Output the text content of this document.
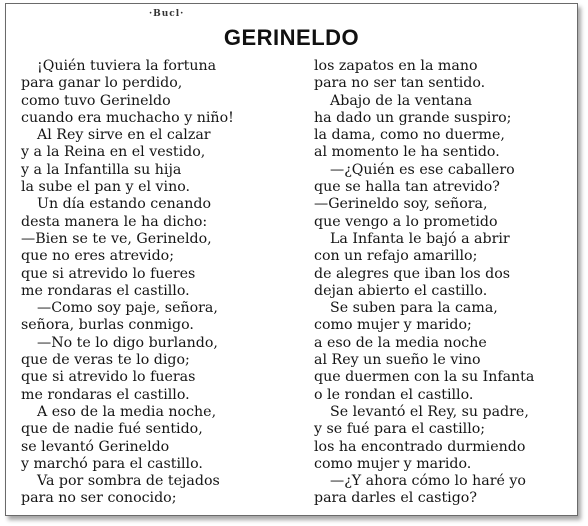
·Bucl·
GERINELDO
¡Quién tuviera la fortuna
para ganar lo perdido,
como tuvo Gerineldo
cuando era muchacho y niño!
Al Rey sirve en el calzar
y a la Reina en el vestido,
y a la Infantilla su hija
la sube el pan y el vino.
Un día estando cenando
desta manera le ha dicho:
—Bien se te ve, Gerineldo,
que no eres atrevido;
que si atrevido lo fueres
me rondaras el castillo.
—Como soy paje, señora,
señora, burlas conmigo.
—No te lo digo burlando,
que de veras te lo digo;
que si atrevido lo fueras
me rondaras el castillo.
A eso de la media noche,
que de nadie fué sentido,
se levantó Gerineldo
y marchó para el castillo.
Va por sombra de tejados
para no ser conocido;
los zapatos en la mano
para no ser tan sentido.
Abajo de la ventana
ha dado un grande suspiro;
la dama, como no duerme,
al momento le ha sentido.
—¿Quién es ese caballero
que se halla tan atrevido?
—Gerineldo soy, señora,
que vengo a lo prometido
La Infanta le bajó a abrir
con un refajo amarillo;
de alegres que iban los dos
dejan abierto el castillo.
Se suben para la cama,
como mujer y marido;
a eso de la media noche
al Rey un sueño le vino
que duermen con la su Infanta
o le rondan el castillo.
Se levantó el Rey, su padre,
y se fué para el castillo;
los ha encontrado durmiendo
como mujer y marido.
—¿Y ahora cómo lo haré yo
para darles el castigo?
